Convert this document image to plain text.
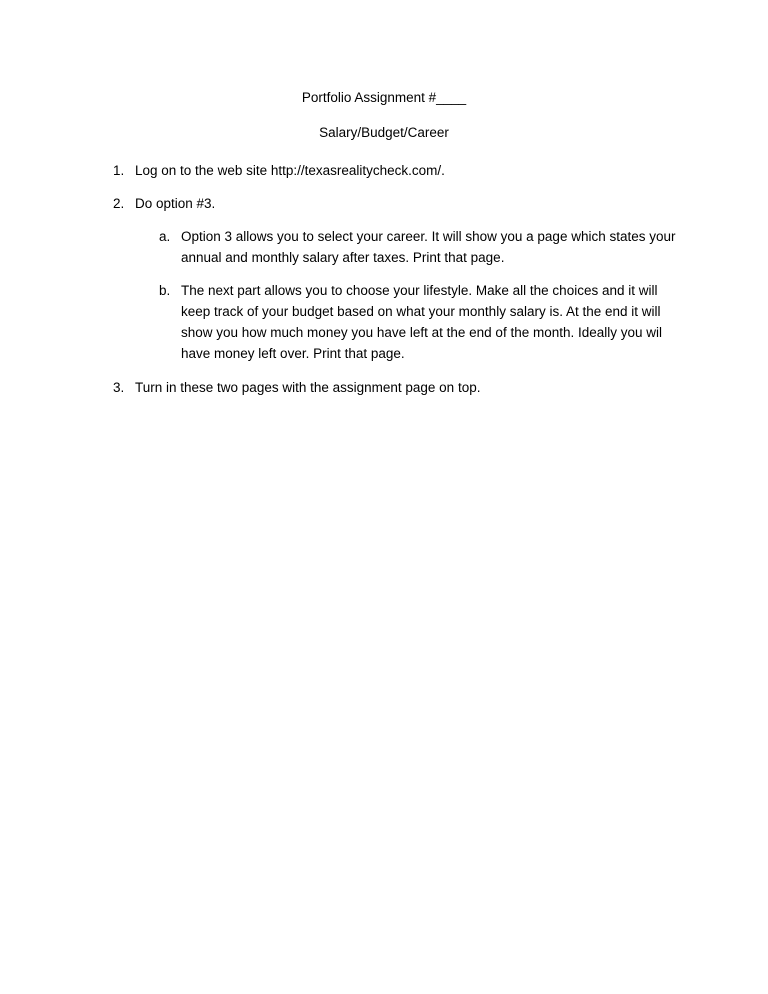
Portfolio Assignment #____
Salary/Budget/Career
1. Log on to the web site http://texasrealitycheck.com/.
2. Do option #3.
a. Option 3 allows you to select your career. It will show you a page which states your annual and monthly salary after taxes. Print that page.
b. The next part allows you to choose your lifestyle. Make all the choices and it will keep track of your budget based on what your monthly salary is. At the end it will show you how much money you have left at the end of the month. Ideally you wil have money left over. Print that page.
3. Turn in these two pages with the assignment page on top.
